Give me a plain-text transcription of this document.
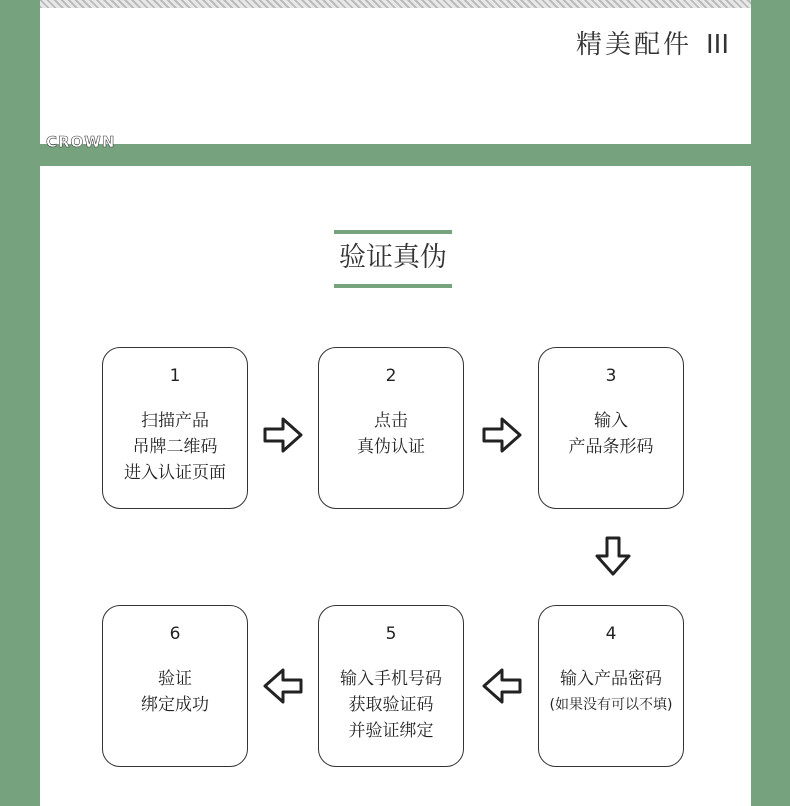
精美配件 III
CROWN
验证真伪
1
扫描产品
吊牌二维码
进入认证页面
2
点击
真伪认证
3
输入
产品条形码
6
验证
绑定成功
5
输入手机号码
获取验证码
并验证绑定
4
输入产品密码
(如果没有可以不填)
